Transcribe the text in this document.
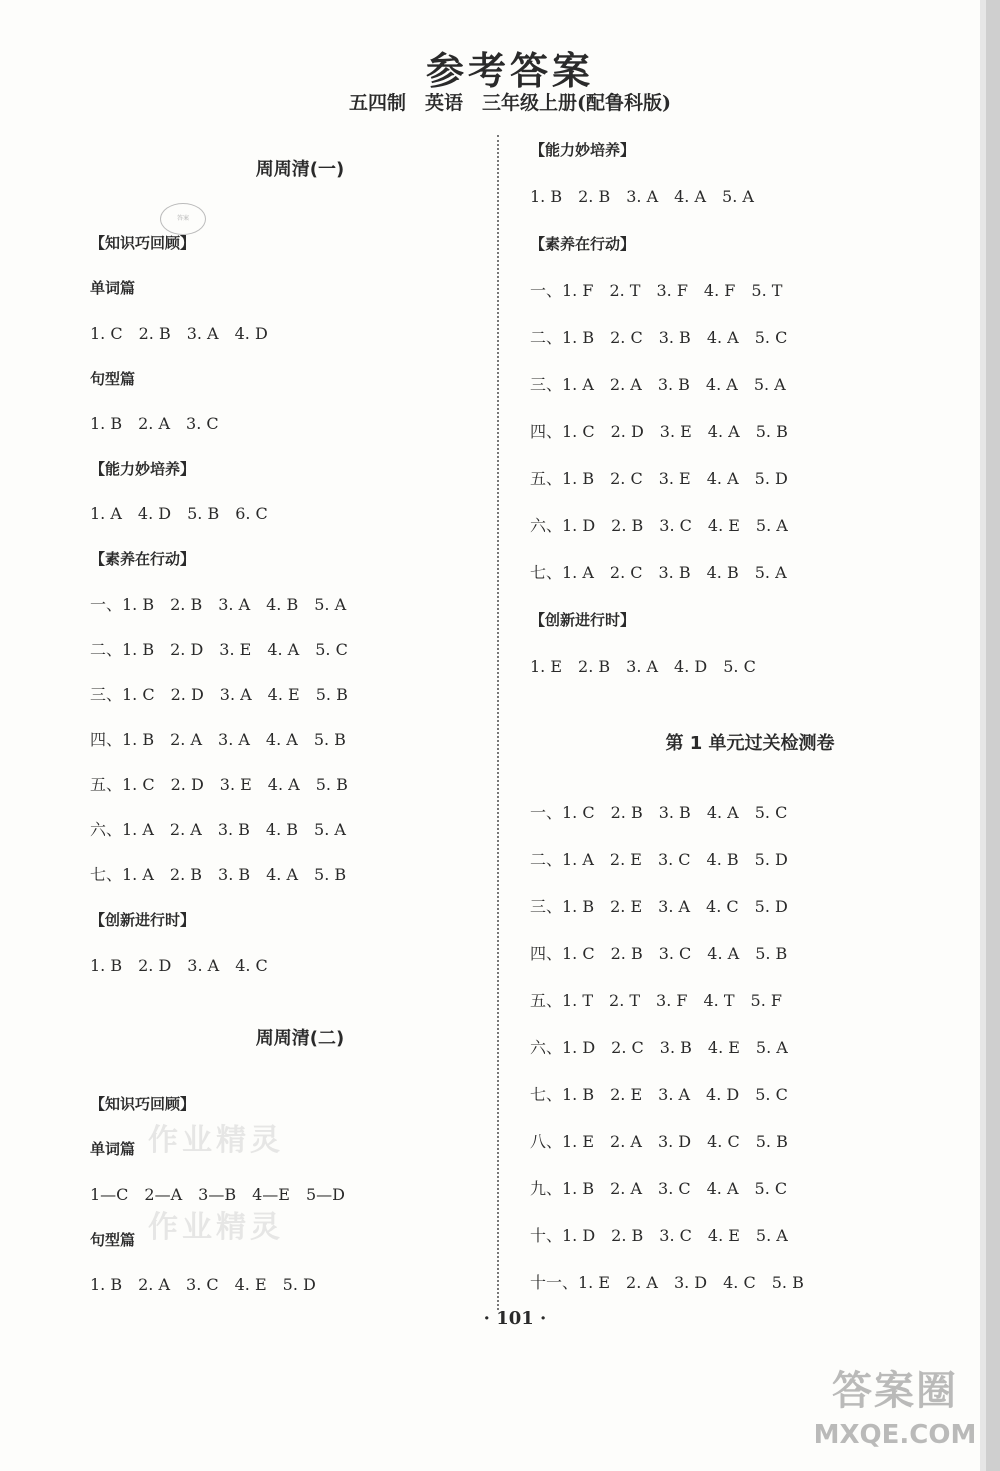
参考答案
五四制　英语　三年级上册(配鲁科版)
答案
周周清(一)
【知识巧回顾】
单词篇
1. C　2. B　3. A　4. D
句型篇
1. B　2. A　3. C
【能力妙培养】
1. A　4. D　5. B　6. C
【素养在行动】
一、1. B　2. B　3. A　4. B　5. A
二、1. B　2. D　3. E　4. A　5. C
三、1. C　2. D　3. A　4. E　5. B
四、1. B　2. A　3. A　4. A　5. B
五、1. C　2. D　3. E　4. A　5. B
六、1. A　2. A　3. B　4. B　5. A
七、1. A　2. B　3. B　4. A　5. B
【创新进行时】
1. B　2. D　3. A　4. C
周周清(二)
【知识巧回顾】
单词篇
1—C　2—A　3—B　4—E　5—D
句型篇
1. B　2. A　3. C　4. E　5. D
作业精灵
作业精灵
【能力妙培养】
1. B　2. B　3. A　4. A　5. A
【素养在行动】
一、1. F　2. T　3. F　4. F　5. T
二、1. B　2. C　3. B　4. A　5. C
三、1. A　2. A　3. B　4. A　5. A
四、1. C　2. D　3. E　4. A　5. B
五、1. B　2. C　3. E　4. A　5. D
六、1. D　2. B　3. C　4. E　5. A
七、1. A　2. C　3. B　4. B　5. A
【创新进行时】
1. E　2. B　3. A　4. D　5. C
第 1 单元过关检测卷
一、1. C　2. B　3. B　4. A　5. C
二、1. A　2. E　3. C　4. B　5. D
三、1. B　2. E　3. A　4. C　5. D
四、1. C　2. B　3. C　4. A　5. B
五、1. T　2. T　3. F　4. T　5. F
六、1. D　2. C　3. B　4. E　5. A
七、1. B　2. E　3. A　4. D　5. C
八、1. E　2. A　3. D　4. C　5. B
九、1. B　2. A　3. C　4. A　5. C
十、1. D　2. B　3. C　4. E　5. A
十一、1. E　2. A　3. D　4. C　5. B
· 101 ·
答案圈
MXQE.COM
